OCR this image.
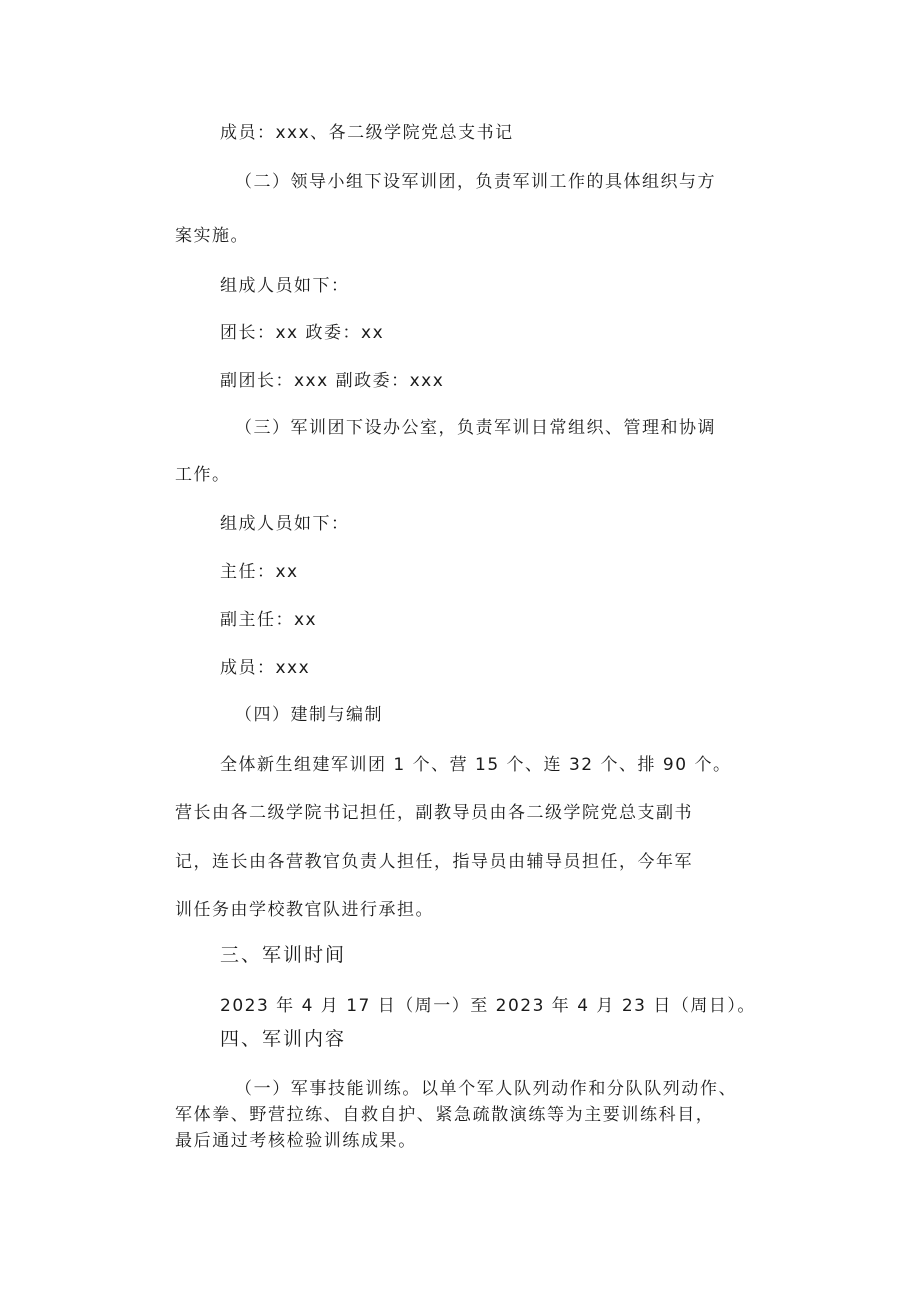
成员：xxx、各二级学院党总支书记
（二）领导小组下设军训团，负责军训工作的具体组织与方
案实施。
组成人员如下：
团长：xx 政委：xx
副团长：xxx 副政委：xxx
（三）军训团下设办公室，负责军训日常组织、管理和协调
工作。
组成人员如下：
主任：xx
副主任：xx
成员：xxx
（四）建制与编制
全体新生组建军训团 1 个、营 15 个、连 32 个、排 90 个。
营长由各二级学院书记担任，副教导员由各二级学院党总支副书
记，连长由各营教官负责人担任，指导员由辅导员担任，今年军
训任务由学校教官队进行承担。
三、军训时间
2023 年 4 月 17 日（周一）至 2023 年 4 月 23 日（周日）。
四、军训内容
（一）军事技能训练。以单个军人队列动作和分队队列动作、
军体拳、野营拉练、自救自护、紧急疏散演练等为主要训练科目，
最后通过考核检验训练成果。
